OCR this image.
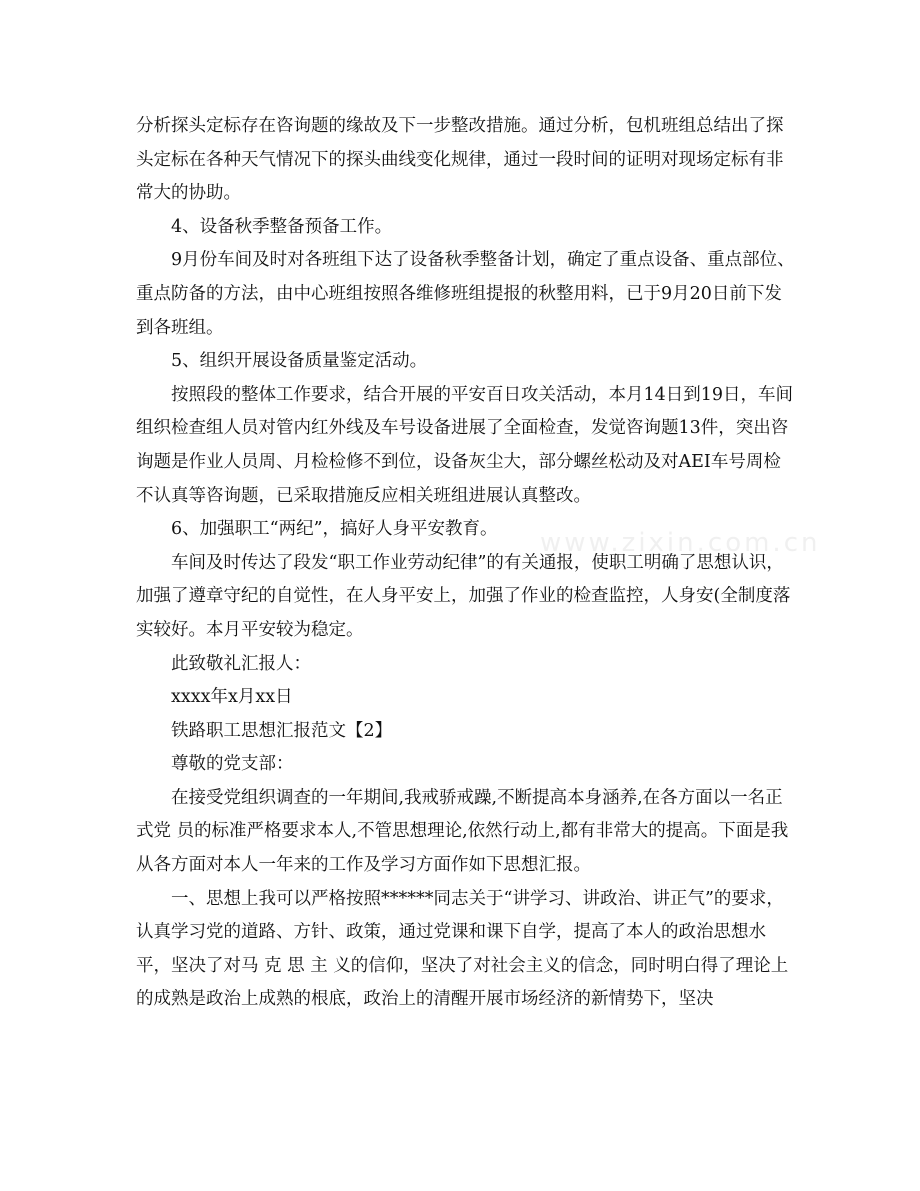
分析探头定标存在咨询题的缘故及下一步整改措施。通过分析，包机班组总结出了探头定标在各种天气情况下的探头曲线变化规律，通过一段时间的证明对现场定标有非常大的协助。

4、设备秋季整备预备工作。

9月份车间及时对各班组下达了设备秋季整备计划，确定了重点设备、重点部位、重点防备的方法，由中心班组按照各维修班组提报的秋整用料，已于9月20日前下发到各班组。

5、组织开展设备质量鉴定活动。

按照段的整体工作要求，结合开展的平安百日攻关活动，本月14日到19日，车间组织检查组人员对管内红外线及车号设备进展了全面检查，发觉咨询题13件，突出咨询题是作业人员周、月检检修不到位，设备灰尘大，部分螺丝松动及对AEI车号周检不认真等咨询题，已采取措施反应相关班组进展认真整改。

6、加强职工“两纪”，搞好人身平安教育。

车间及时传达了段发“职工作业劳动纪律”的有关通报，使职工明确了思想认识，加强了遵章守纪的自觉性，在人身平安上，加强了作业的检查监控，人身安(全制度落实较好。本月平安较为稳定。

此致敬礼汇报人：

xxxx年x月xx日

铁路职工思想汇报范文【2】

尊敬的党支部：

在接受党组织调查的一年期间,我戒骄戒躁,不断提高本身涵养,在各方面以一名正式党 员的标准严格要求本人,不管思想理论,依然行动上,都有非常大的提高。下面是我从各方面对本人一年来的工作及学习方面作如下思想汇报。

一、思想上我可以严格按照******同志关于“讲学习、讲政治、讲正气”的要求，认真学习党的道路、方针、政策，通过党课和课下自学，提高了本人的政治思想水平，坚决了对马 克 思 主 义的信仰，坚决了对社会主义的信念，同时明白得了理论上的成熟是政治上成熟的根底，政治上的清醒开展市场经济的新情势下，坚决

www.zixin.com.cn
